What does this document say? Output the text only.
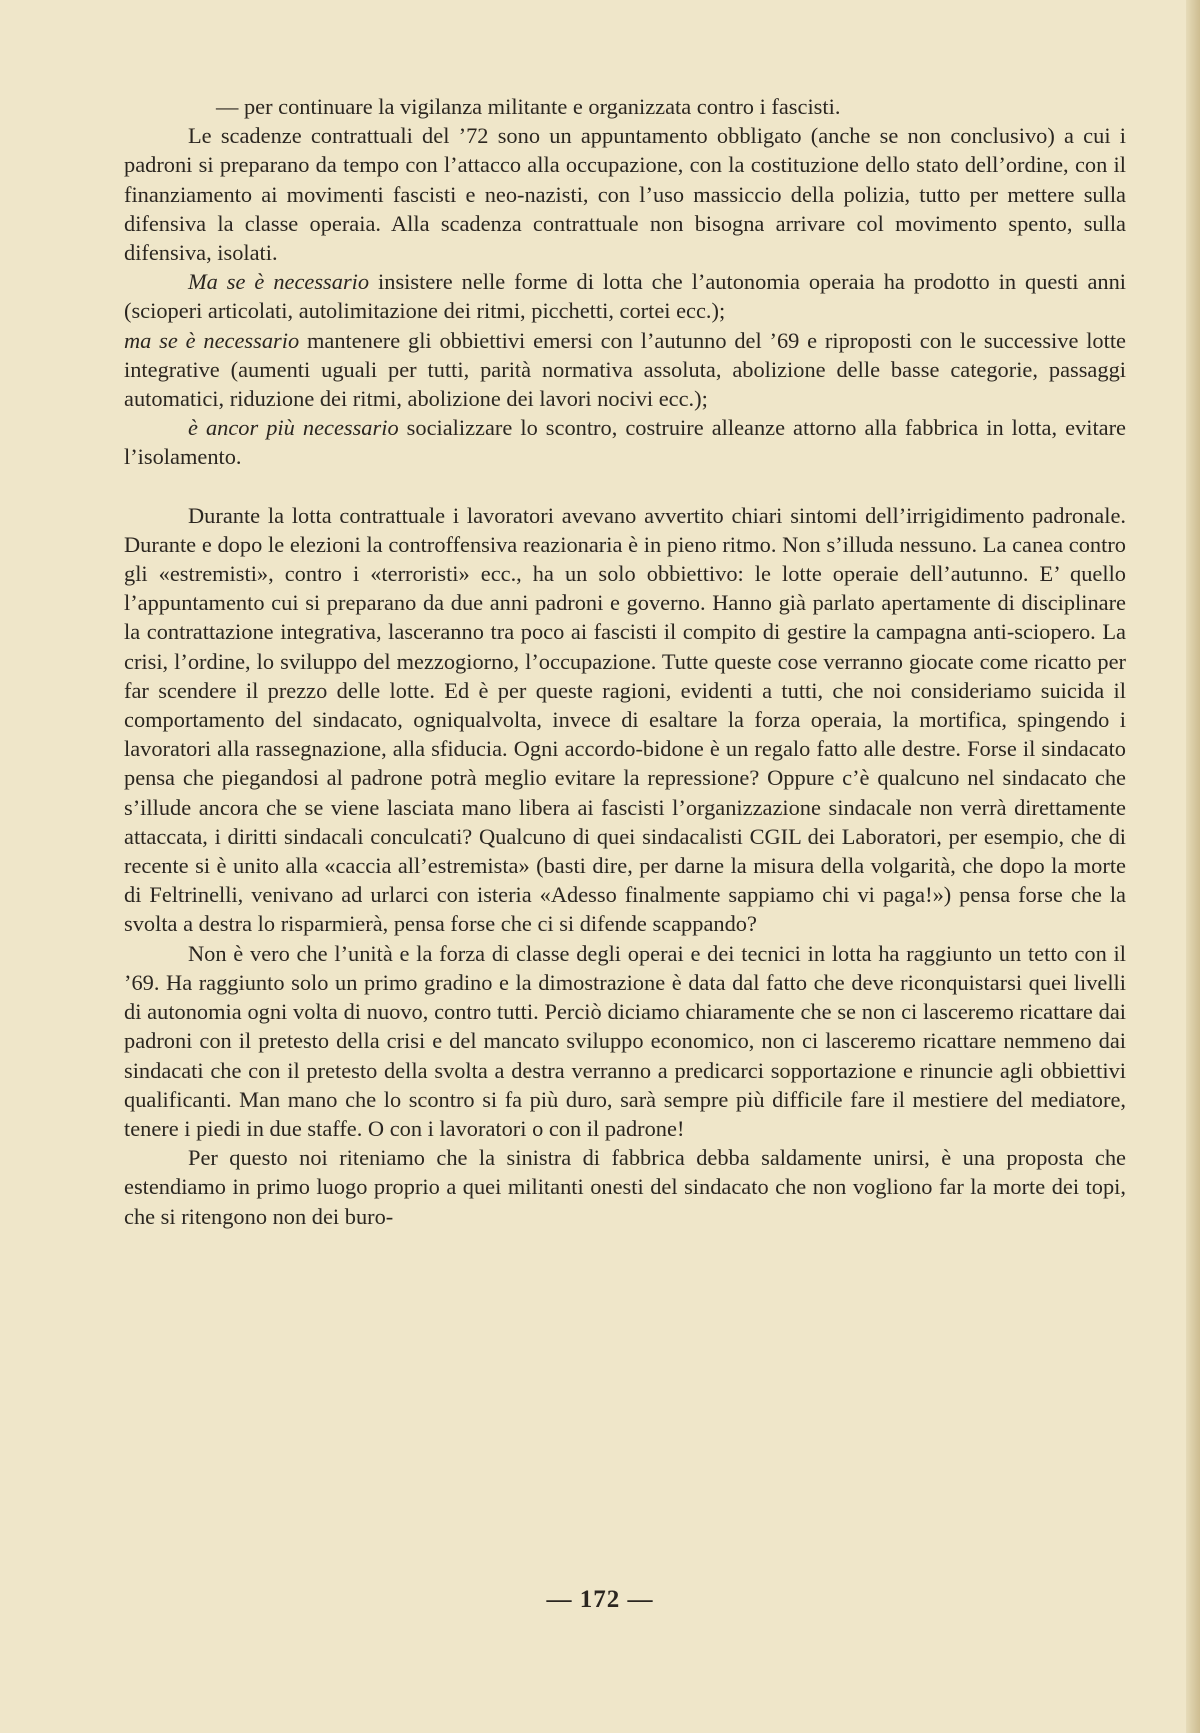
— per continuare la vigilanza militante e organizzata contro i fascisti.

Le scadenze contrattuali del ’72 sono un appuntamento obbligato (anche se non conclusivo) a cui i padroni si preparano da tempo con l’attacco alla occupazione, con la costituzione dello stato dell’ordine, con il finanziamento ai movimenti fascisti e neo-nazisti, con l’uso massiccio della polizia, tutto per mettere sulla difensiva la classe operaia. Alla scadenza contrattuale non bisogna arrivare col movimento spento, sulla difensiva, isolati.

Ma se è necessario insistere nelle forme di lotta che l’autonomia operaia ha prodotto in questi anni (scioperi articolati, autolimitazione dei ritmi, picchetti, cortei ecc.);

ma se è necessario mantenere gli obbiettivi emersi con l’autunno del ’69 e riproposti con le successive lotte integrative (aumenti uguali per tutti, parità normativa assoluta, abolizione delle basse categorie, passaggi automatici, riduzione dei ritmi, abolizione dei lavori nocivi ecc.);

è ancor più necessario socializzare lo scontro, costruire alleanze attorno alla fabbrica in lotta, evitare l’isolamento.

Durante la lotta contrattuale i lavoratori avevano avvertito chiari sintomi dell’irrigidimento padronale. Durante e dopo le elezioni la controffensiva reazionaria è in pieno ritmo. Non s’illuda nessuno. La canea contro gli «estremisti», contro i «terroristi» ecc., ha un solo obbiettivo: le lotte operaie dell’autunno. E’ quello l’appuntamento cui si preparano da due anni padroni e governo. Hanno già parlato apertamente di disciplinare la contrattazione integrativa, lasceranno tra poco ai fascisti il compito di gestire la campagna anti-sciopero. La crisi, l’ordine, lo sviluppo del mezzogiorno, l’occupazione. Tutte queste cose verranno giocate come ricatto per far scendere il prezzo delle lotte. Ed è per queste ragioni, evidenti a tutti, che noi consideriamo suicida il comportamento del sindacato, ogniqualvolta, invece di esaltare la forza operaia, la mortifica, spingendo i lavoratori alla rassegnazione, alla sfiducia. Ogni accordo-bidone è un regalo fatto alle destre. Forse il sindacato pensa che piegandosi al padrone potrà meglio evitare la repressione? Oppure c’è qualcuno nel sindacato che s’illude ancora che se viene lasciata mano libera ai fascisti l’organizzazione sindacale non verrà direttamente attaccata, i diritti sindacali conculcati? Qualcuno di quei sindacalisti CGIL dei Laboratori, per esempio, che di recente si è unito alla «caccia all’estremista» (basti dire, per darne la misura della volgarità, che dopo la morte di Feltrinelli, venivano ad urlarci con isteria «Adesso finalmente sappiamo chi vi paga!») pensa forse che la svolta a destra lo risparmierà, pensa forse che ci si difende scappando?

Non è vero che l’unità e la forza di classe degli operai e dei tecnici in lotta ha raggiunto un tetto con il ’69. Ha raggiunto solo un primo gradino e la dimostrazione è data dal fatto che deve riconquistarsi quei livelli di autonomia ogni volta di nuovo, contro tutti. Perciò diciamo chiaramente che se non ci lasceremo ricattare dai padroni con il pretesto della crisi e del mancato sviluppo economico, non ci lasceremo ricattare nemmeno dai sindacati che con il pretesto della svolta a destra verranno a predicarci sopportazione e rinuncie agli obbiettivi qualificanti. Man mano che lo scontro si fa più duro, sarà sempre più difficile fare il mestiere del mediatore, tenere i piedi in due staffe. O con i lavoratori o con il padrone!

Per questo noi riteniamo che la sinistra di fabbrica debba saldamente unirsi, è una proposta che estendiamo in primo luogo proprio a quei militanti onesti del sindacato che non vogliono far la morte dei topi, che si ritengono non dei buro-

— 172 —
